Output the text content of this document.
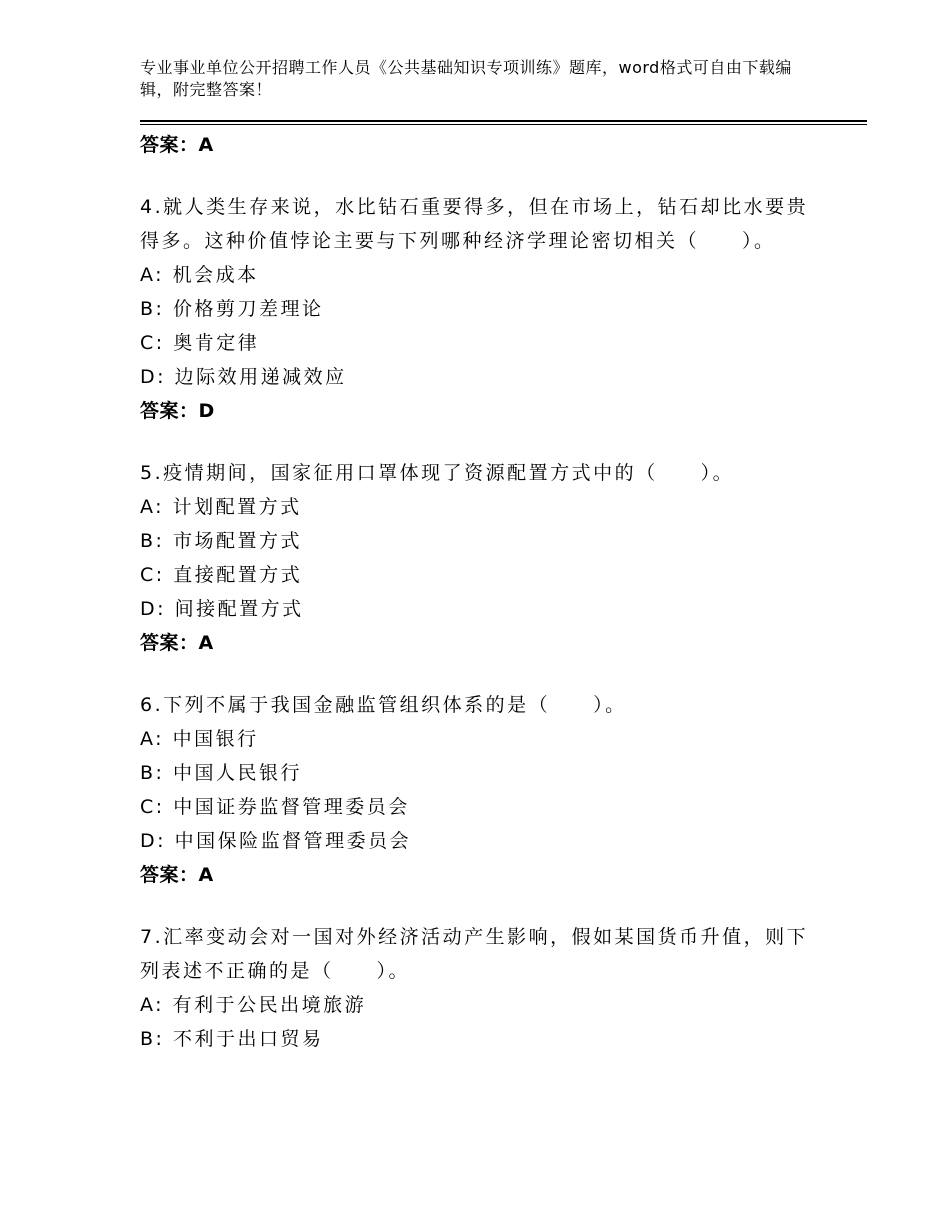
专业事业单位公开招聘工作人员《公共基础知识专项训练》题库，word格式可自由下载编辑，附完整答案！
答案：A
4.就人类生存来说，水比钻石重要得多，但在市场上，钻石却比水要贵得多。这种价值悖论主要与下列哪种经济学理论密切相关（　　）。
A: 机会成本
B: 价格剪刀差理论
C: 奥肯定律
D: 边际效用递减效应
答案：D
5.疫情期间，国家征用口罩体现了资源配置方式中的（　　）。
A: 计划配置方式
B: 市场配置方式
C: 直接配置方式
D: 间接配置方式
答案：A
6.下列不属于我国金融监管组织体系的是（　　）。
A: 中国银行
B: 中国人民银行
C: 中国证券监督管理委员会
D: 中国保险监督管理委员会
答案：A
7.汇率变动会对一国对外经济活动产生影响，假如某国货币升值，则下列表述不正确的是（　　）。
A: 有利于公民出境旅游
B: 不利于出口贸易
